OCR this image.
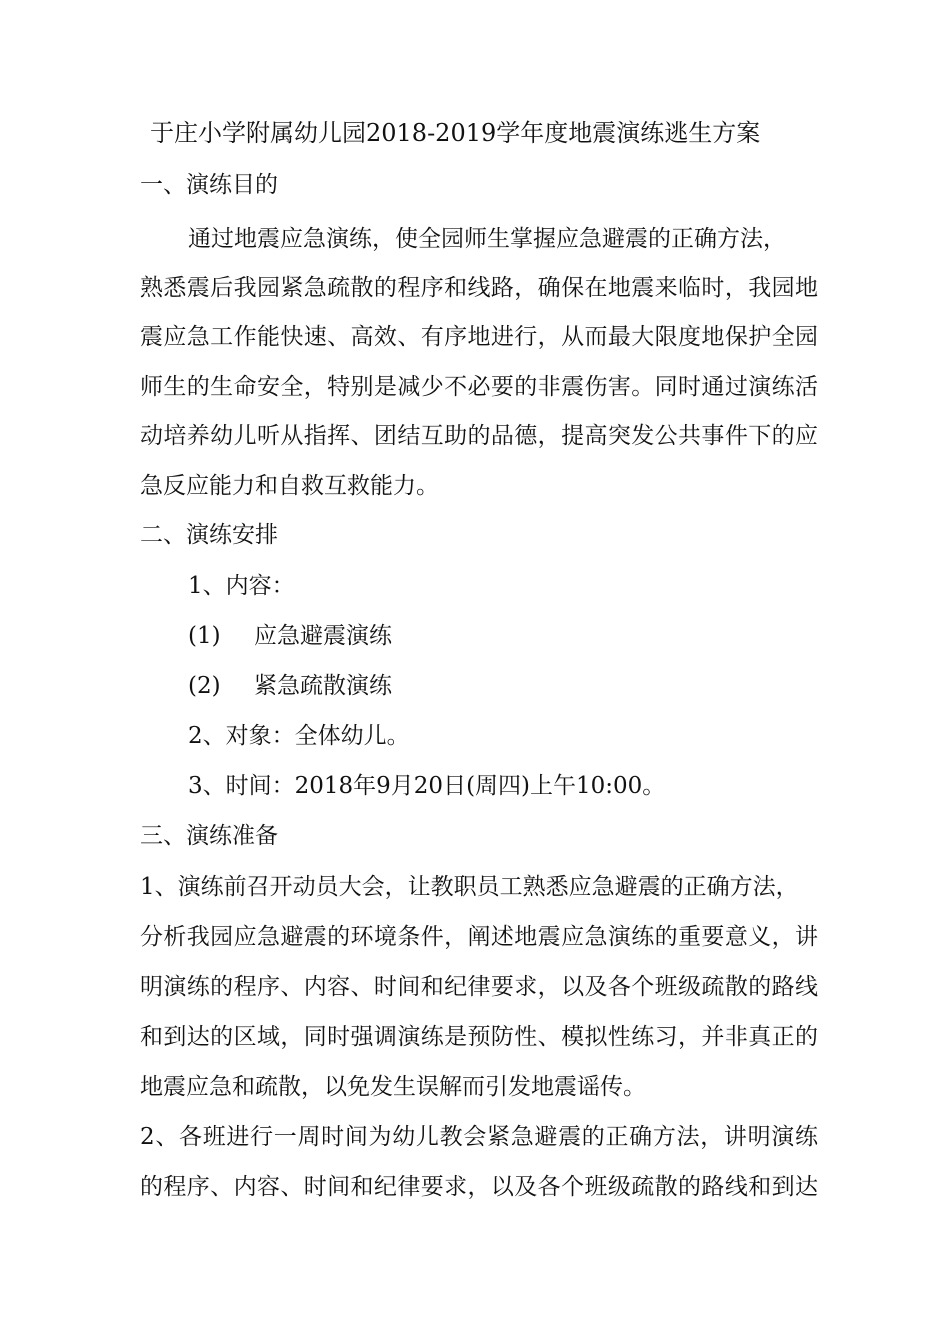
于庄小学附属幼儿园2018-2019学年度地震演练逃生方案
一、演练目的
通过地震应急演练，使全园师生掌握应急避震的正确方法，
熟悉震后我园紧急疏散的程序和线路，确保在地震来临时，我园地
震应急工作能快速、高效、有序地进行，从而最大限度地保护全园
师生的生命安全，特别是减少不必要的非震伤害。同时通过演练活
动培养幼儿听从指挥、团结互助的品德，提高突发公共事件下的应
急反应能力和自救互救能力。
二、演练安排
1、内容：
(1) 应急避震演练
(2) 紧急疏散演练
2、对象：全体幼儿。
3、时间：2018年9月20日(周四)上午10:00。
三、演练准备
1、演练前召开动员大会，让教职员工熟悉应急避震的正确方法，
分析我园应急避震的环境条件，阐述地震应急演练的重要意义，讲
明演练的程序、内容、时间和纪律要求，以及各个班级疏散的路线
和到达的区域，同时强调演练是预防性、模拟性练习，并非真正的
地震应急和疏散，以免发生误解而引发地震谣传。
2、各班进行一周时间为幼儿教会紧急避震的正确方法，讲明演练
的程序、内容、时间和纪律要求，以及各个班级疏散的路线和到达
